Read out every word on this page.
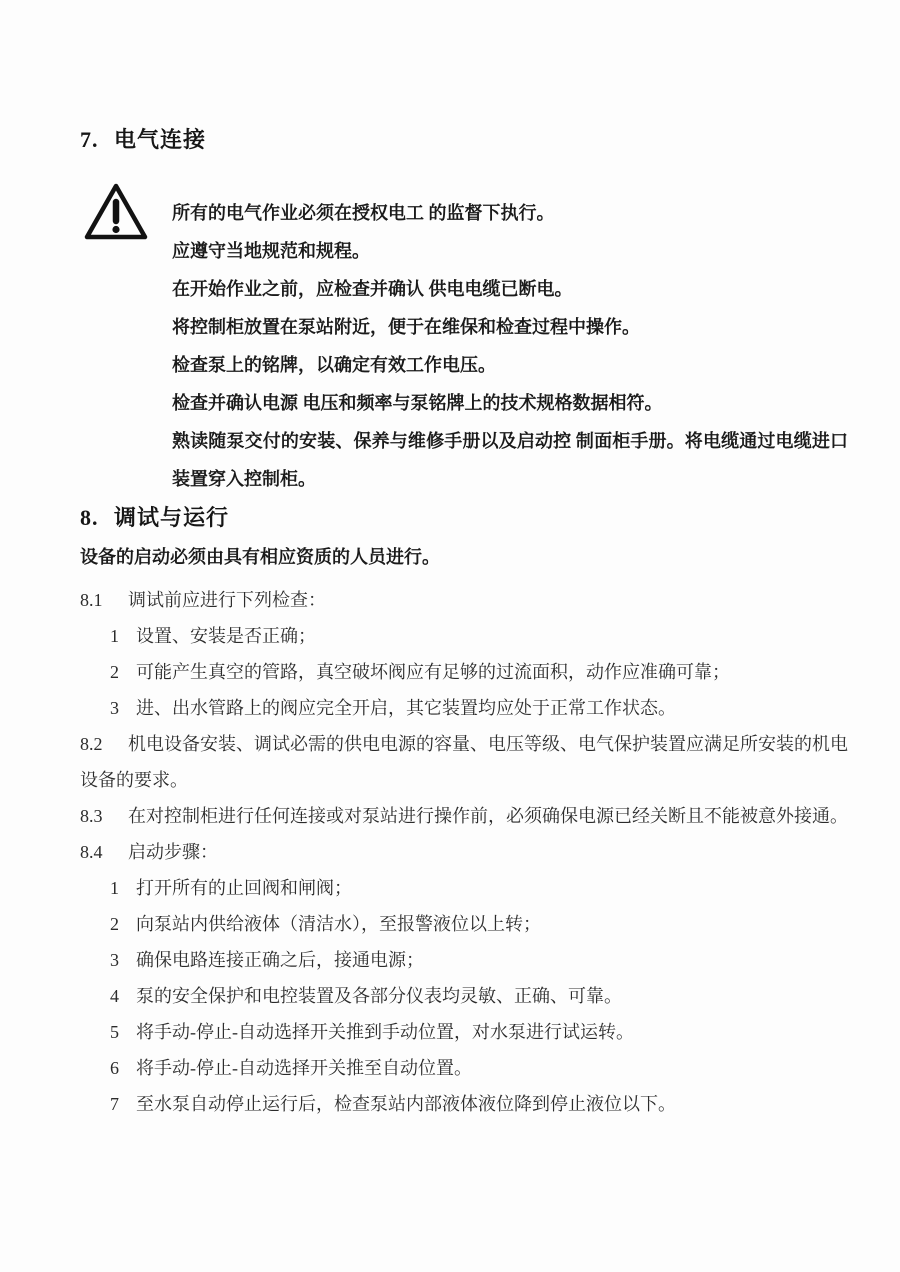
7. 电气连接

所有的电气作业必须在授权电工 的监督下执行。

应遵守当地规范和规程。

在开始作业之前，应检查并确认 供电电缆已断电。

将控制柜放置在泵站附近，便于在维保和检查过程中操作。

检查泵上的铭牌，以确定有效工作电压。

检查并确认电源 电压和频率与泵铭牌上的技术规格数据相符。

熟读随泵交付的安装、保养与维修手册以及启动控 制面柜手册。将电缆通过电缆进口装置穿入控制柜。

8. 调试与运行

设备的启动必须由具有相应资质的人员进行。

8.1 调试前应进行下列检查：
1 设置、安装是否正确；
2 可能产生真空的管路，真空破坏阀应有足够的过流面积，动作应准确可靠；
3 进、出水管路上的阀应完全开启，其它装置均应处于正常工作状态。
8.2 机电设备安装、调试必需的供电电源的容量、电压等级、电气保护装置应满足所安装的机电设备的要求。
8.3 在对控制柜进行任何连接或对泵站进行操作前，必须确保电源已经关断且不能被意外接通。
8.4 启动步骤：
1 打开所有的止回阀和闸阀；
2 向泵站内供给液体（清洁水），至报警液位以上转；
3 确保电路连接正确之后，接通电源；
4 泵的安全保护和电控装置及各部分仪表均灵敏、正确、可靠。
5 将手动-停止-自动选择开关推到手动位置，对水泵进行试运转。
6 将手动-停止-自动选择开关推至自动位置。
7 至水泵自动停止运行后，检查泵站内部液体液位降到停止液位以下。
